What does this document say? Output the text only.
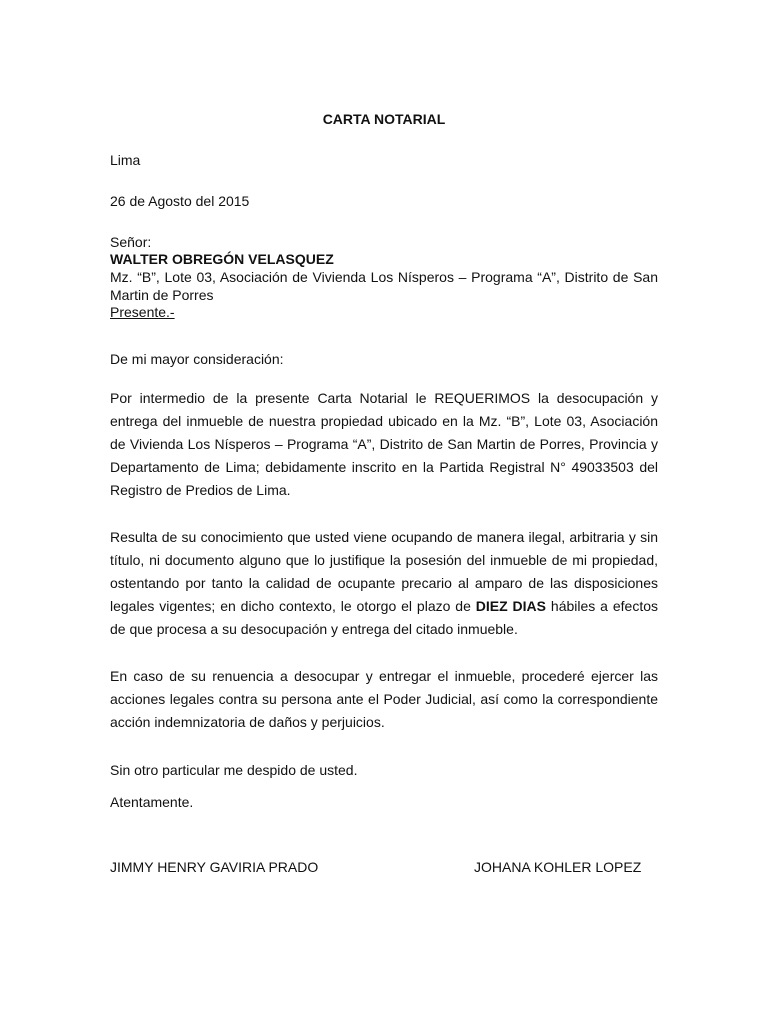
CARTA NOTARIAL
Lima
26 de Agosto del 2015
Señor:
WALTER OBREGÓN VELASQUEZ
Mz. “B”, Lote 03, Asociación de Vivienda Los Nísperos – Programa “A”, Distrito de San Martin de Porres
Presente.-
De mi mayor consideración:
Por intermedio de la presente Carta Notarial le REQUERIMOS la desocupación y entrega del inmueble de nuestra propiedad ubicado en la Mz. “B”, Lote 03, Asociación de Vivienda Los Nísperos – Programa “A”, Distrito de San Martin de Porres, Provincia y Departamento de Lima; debidamente inscrito en la Partida Registral N° 49033503 del Registro de Predios de Lima.
Resulta de su conocimiento que usted viene ocupando de manera ilegal, arbitraria y sin título, ni documento alguno que lo justifique la posesión del inmueble de mi propiedad, ostentando por tanto la calidad de ocupante precario al amparo de las disposiciones legales vigentes; en dicho contexto, le otorgo el plazo de DIEZ DIAS hábiles a efectos de que procesa a su desocupación y entrega del citado inmueble.
En caso de su renuencia a desocupar y entregar el inmueble, procederé ejercer las acciones legales contra su persona ante el Poder Judicial, así como la correspondiente acción indemnizatoria de daños y perjuicios.
Sin otro particular me despido de usted.
Atentamente.
JIMMY HENRY GAVIRIA PRADO	JOHANA KOHLER LOPEZ
